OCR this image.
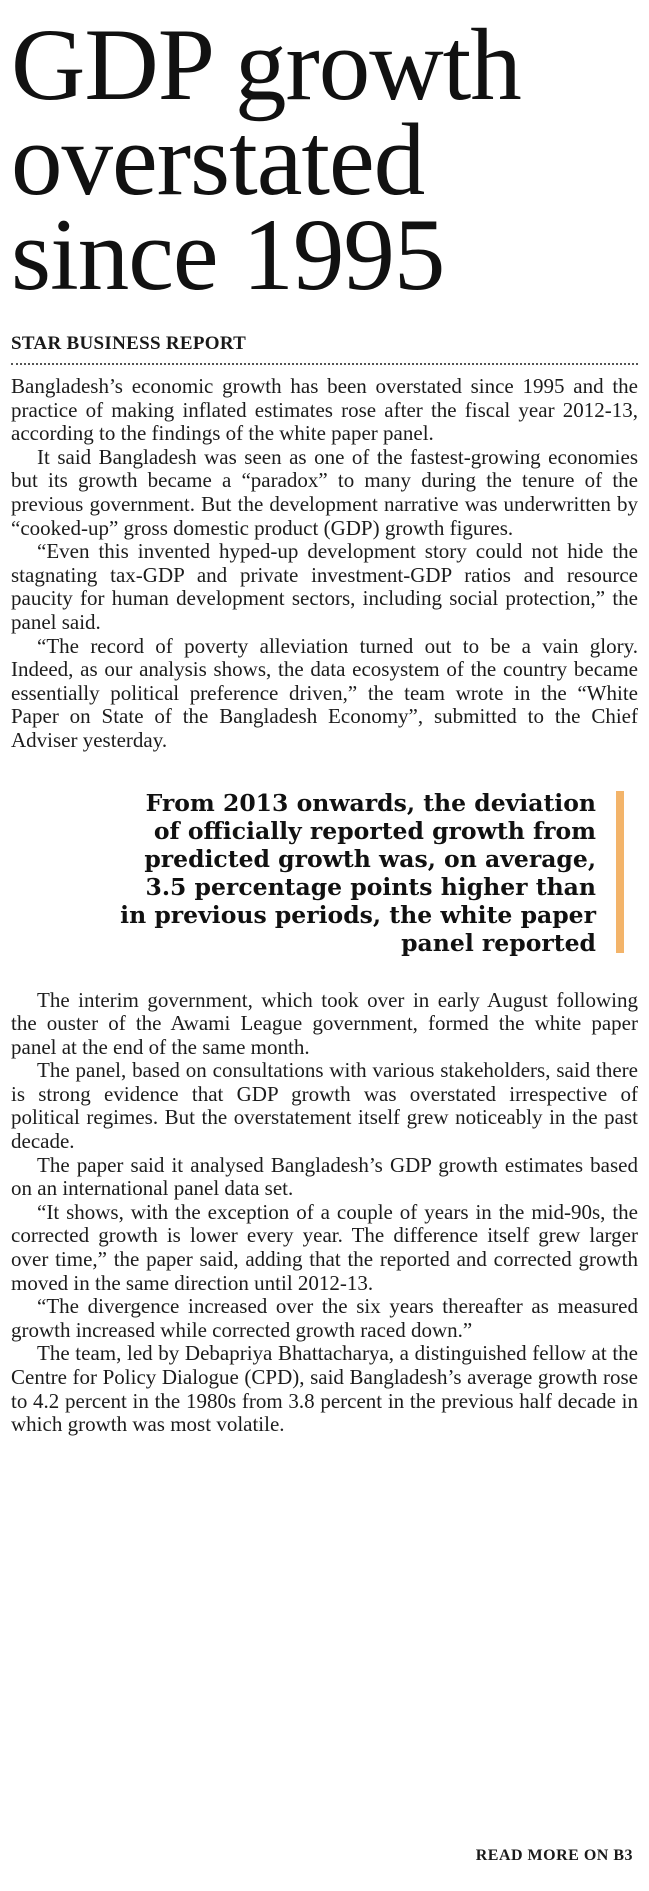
GDP growth
overstated
since 1995
STAR BUSINESS REPORT

Bangladesh’s economic growth has been overstated since 1995 and the practice of making inflated estimates rose after the fiscal year 2012-13, according to the findings of the white paper panel.

It said Bangladesh was seen as one of the fastest-growing economies but its growth became a “paradox” to many during the tenure of the previous government. But the development narrative was underwritten by “cooked-up” gross domestic product (GDP) growth figures.

“Even this invented hyped-up development story could not hide the stagnating tax-GDP and private investment-GDP ratios and resource paucity for human development sectors, including social protection,” the panel said.

“The record of poverty alleviation turned out to be a vain glory. Indeed, as our analysis shows, the data ecosystem of the country became essentially political preference driven,” the team wrote in the “White Paper on State of the Bangladesh Economy”, submitted to the Chief Adviser yesterday.

From 2013 onwards, the deviation
of officially reported growth from
predicted growth was, on average,
3.5 percentage points higher than
in previous periods, the white paper
panel reported

The interim government, which took over in early August following the ouster of the Awami League government, formed the white paper panel at the end of the same month.

The panel, based on consultations with various stakeholders, said there is strong evidence that GDP growth was overstated irrespective of political regimes. But the overstatement itself grew noticeably in the past decade.

The paper said it analysed Bangladesh’s GDP growth estimates based on an international panel data set.

“It shows, with the exception of a couple of years in the mid-90s, the corrected growth is lower every year. The difference itself grew larger over time,” the paper said, adding that the reported and corrected growth moved in the same direction until 2012-13.

“The divergence increased over the six years thereafter as measured growth increased while corrected growth raced down.”

The team, led by Debapriya Bhattacharya, a distinguished fellow at the Centre for Policy Dialogue (CPD), said Bangladesh’s average growth rose to 4.2 percent in the 1980s from 3.8 percent in the previous half decade in which growth was most volatile.

READ MORE ON B3
